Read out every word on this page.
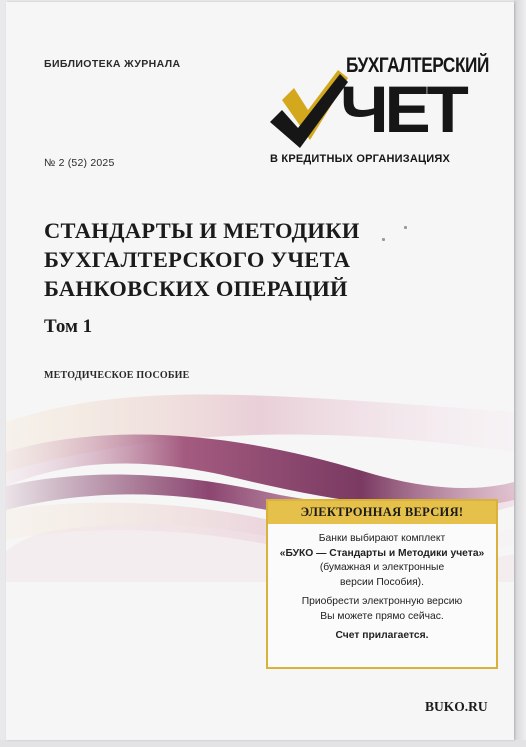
БИБЛИОТЕКА ЖУРНАЛА
№ 2 (52) 2025
БУХГАЛТЕРСКИЙ
ЧЕТ
В КРЕДИТНЫХ ОРГАНИЗАЦИЯХ
СТАНДАРТЫ И МЕТОДИКИ
БУХГАЛТЕРСКОГО УЧЕТА
БАНКОВСКИХ ОПЕРАЦИЙ
Том 1
МЕТОДИЧЕСКОЕ ПОСОБИЕ
ЭЛЕКТРОННАЯ ВЕРСИЯ!
Банки выбирают комплект
«БУКО — Стандарты и Методики учета»
(бумажная и электронные
версии Пособия).
Приобрести электронную версию
Вы можете прямо сейчас.
Счет прилагается.
BUKO.RU
